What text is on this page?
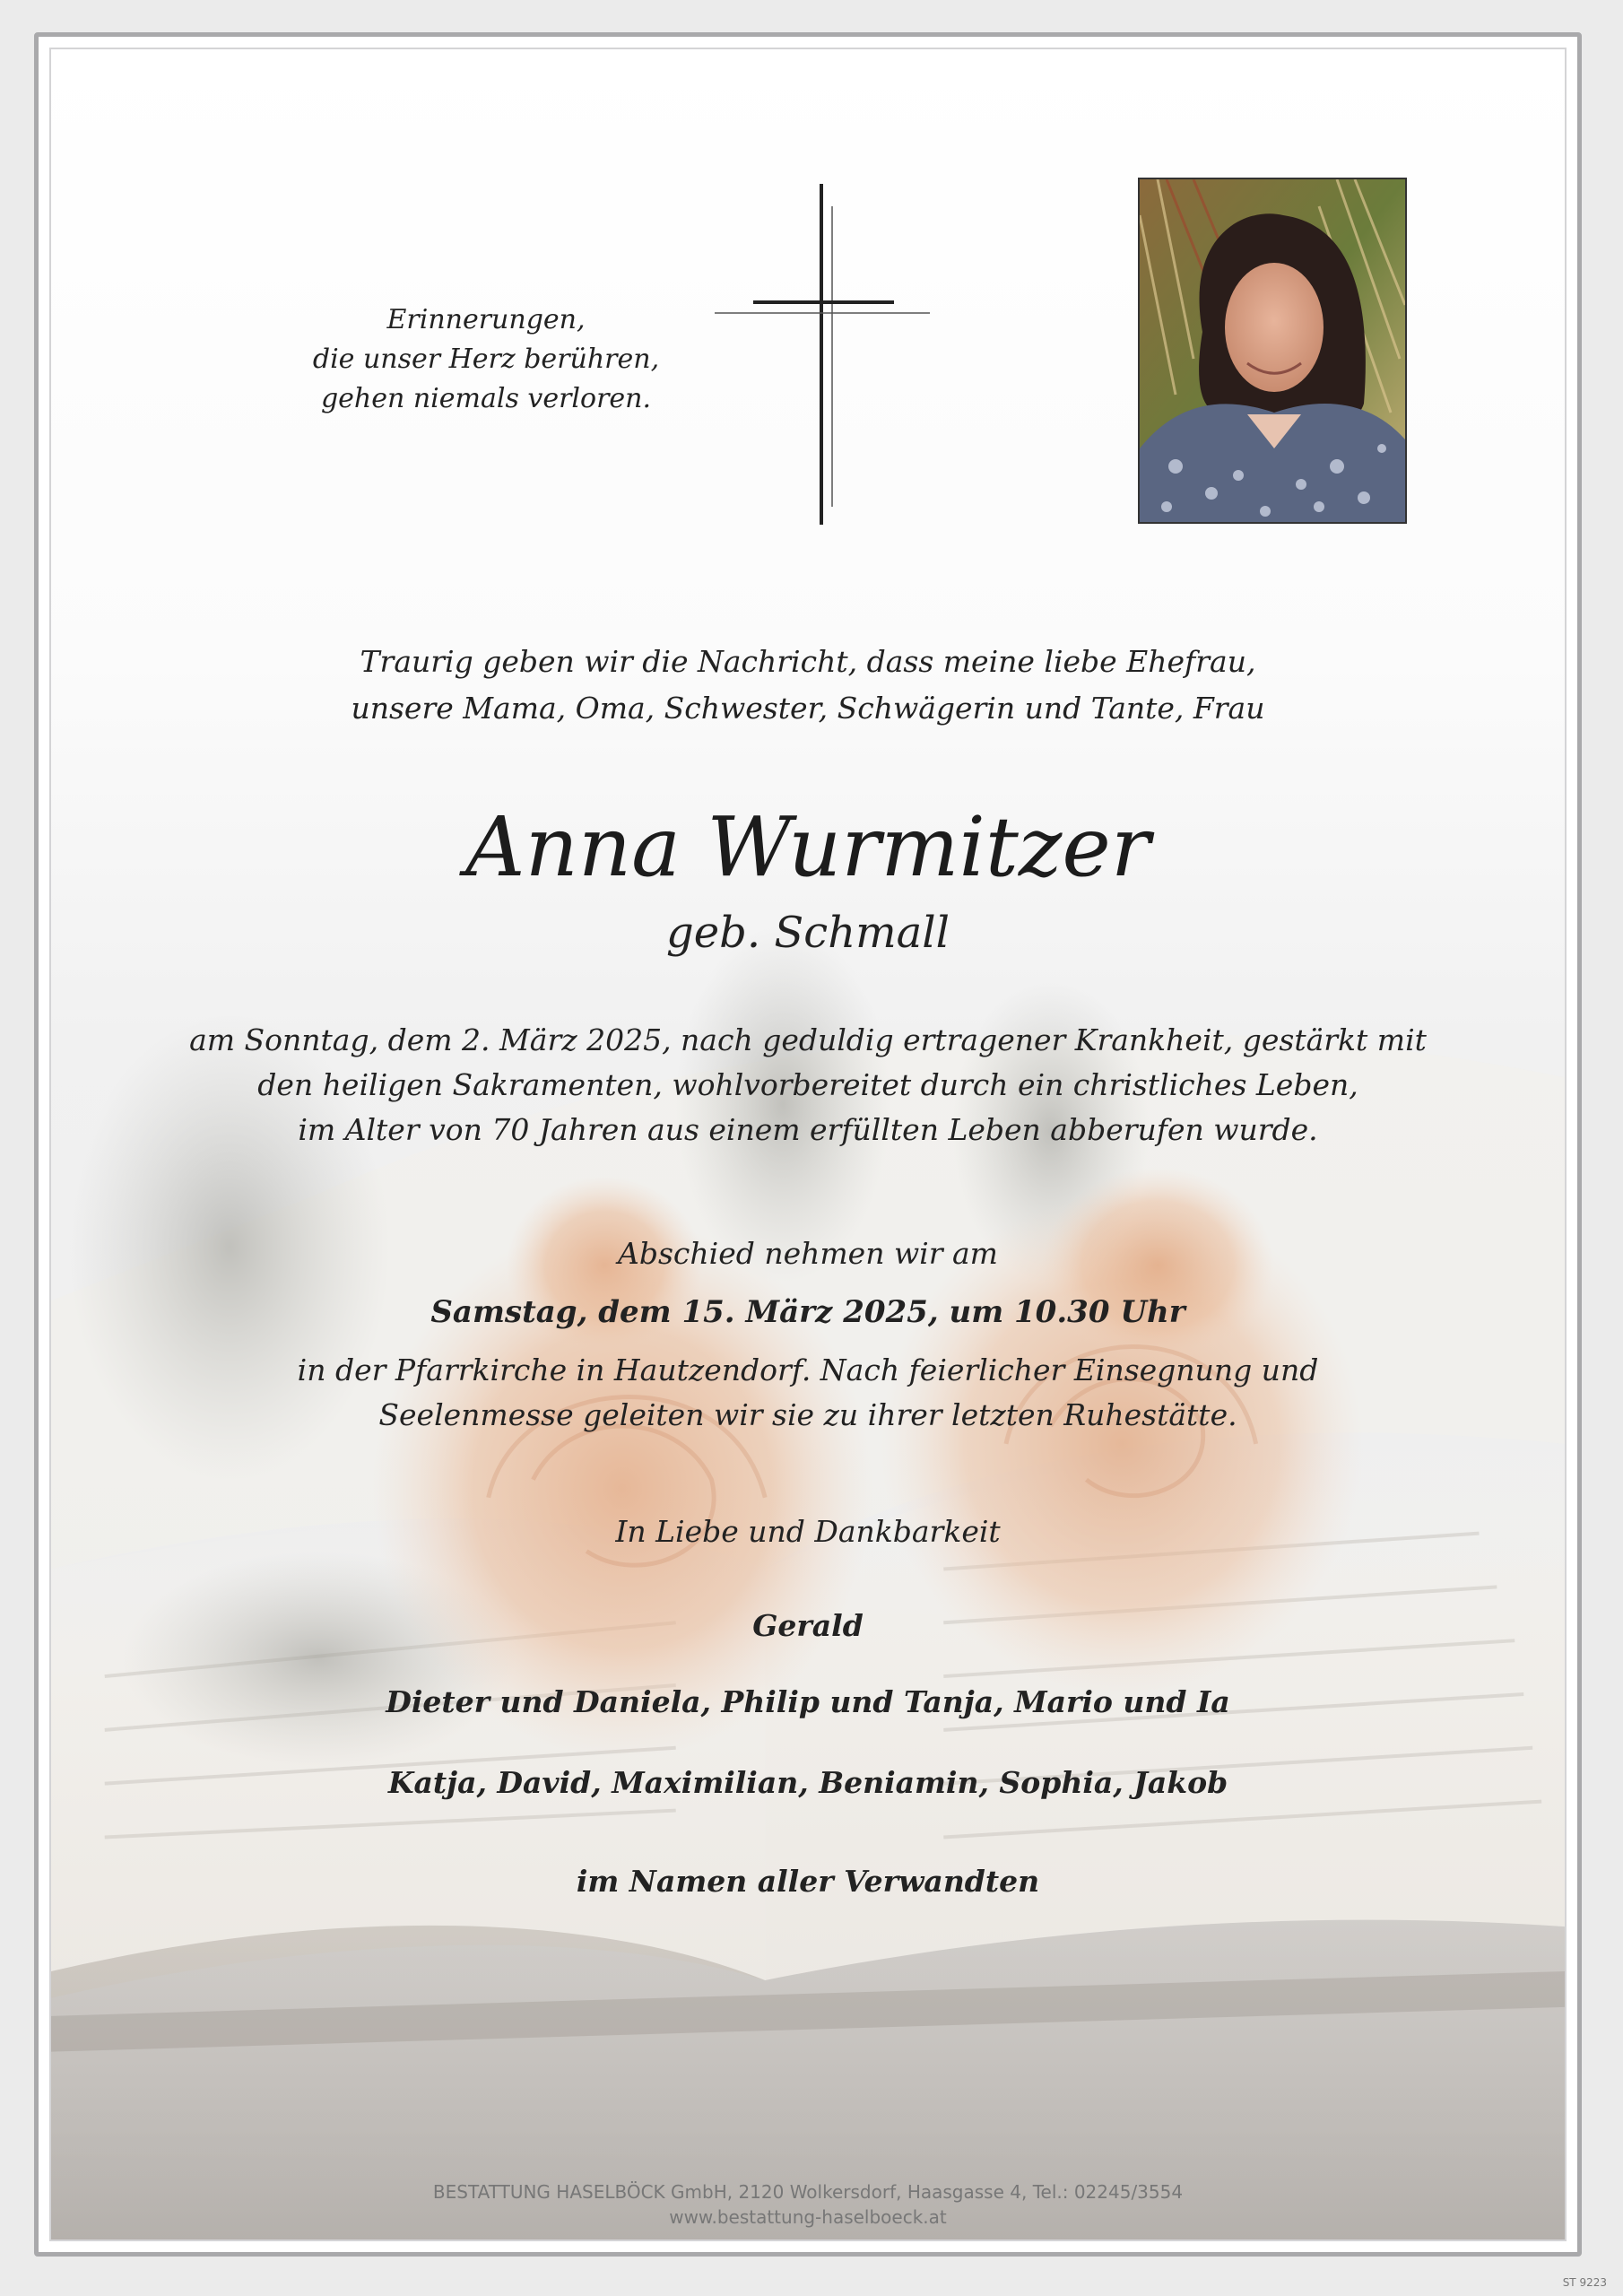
Erinnerungen,
die unser Herz berühren,
gehen niemals verloren.
Traurig geben wir die Nachricht, dass meine liebe Ehefrau,
unsere Mama, Oma, Schwester, Schwägerin und Tante, Frau
Anna Wurmitzer
geb. Schmall
am Sonntag, dem 2. März 2025, nach geduldig ertragener Krankheit, gestärkt mit
den heiligen Sakramenten, wohlvorbereitet durch ein christliches Leben,
im Alter von 70 Jahren aus einem erfüllten Leben abberufen wurde.
Abschied nehmen wir am
Samstag, dem 15. März 2025, um 10.30 Uhr
in der Pfarrkirche in Hautzendorf. Nach feierlicher Einsegnung und
Seelenmesse geleiten wir sie zu ihrer letzten Ruhestätte.
In Liebe und Dankbarkeit
Gerald
Dieter und Daniela, Philip und Tanja, Mario und Ia
Katja, David, Maximilian, Beniamin, Sophia, Jakob
im Namen aller Verwandten
BESTATTUNG HASELBÖCK GmbH, 2120 Wolkersdorf, Haasgasse 4, Tel.: 02245/3554
www.bestattung-haselboeck.at
ST 9223
